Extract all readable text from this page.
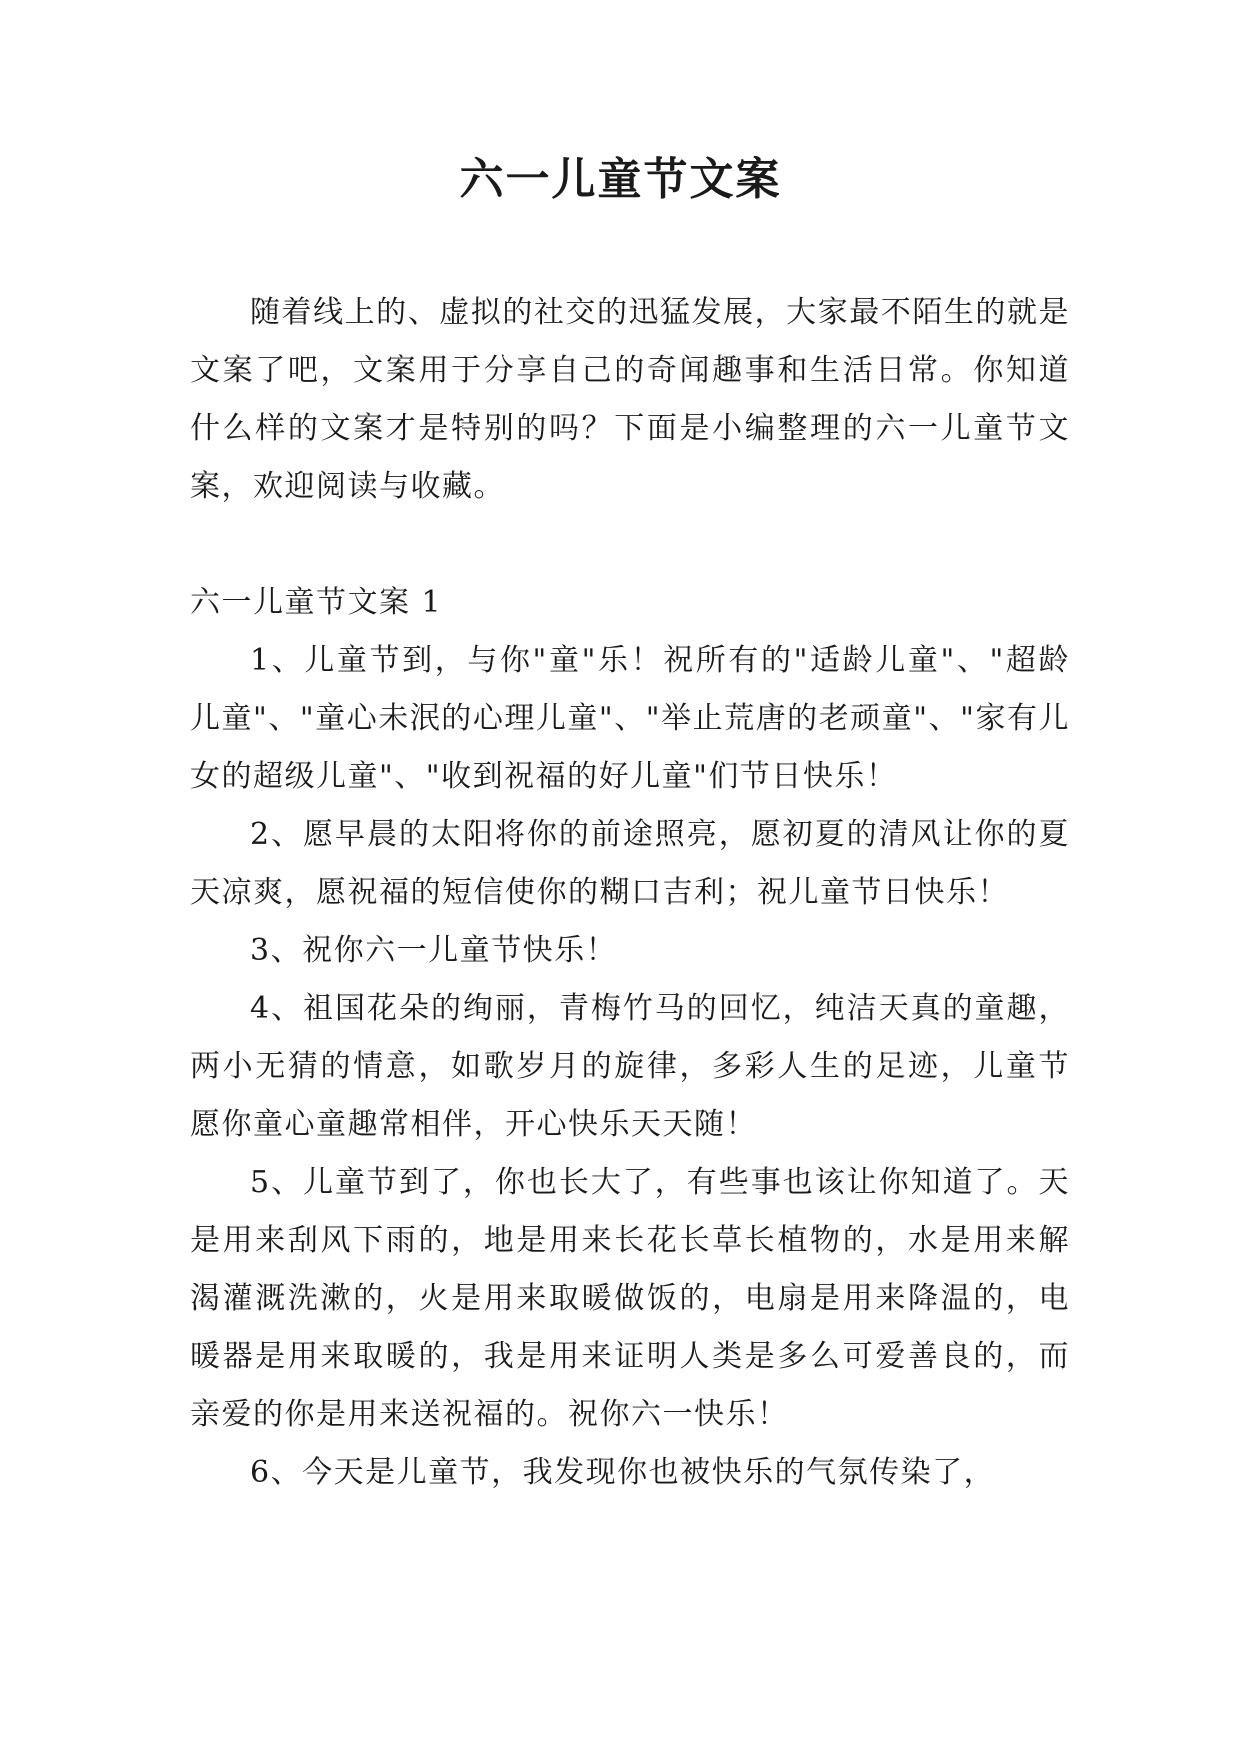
六一儿童节文案

随着线上的、虚拟的社交的迅猛发展，大家最不陌生的就是文案了吧，文案用于分享自己的奇闻趣事和生活日常。你知道什么样的文案才是特别的吗？下面是小编整理的六一儿童节文案，欢迎阅读与收藏。

六一儿童节文案 1

1、儿童节到，与你"童"乐！祝所有的"适龄儿童"、"超龄儿童"、"童心未泯的心理儿童"、"举止荒唐的老顽童"、"家有儿女的超级儿童"、"收到祝福的好儿童"们节日快乐！

2、愿早晨的太阳将你的前途照亮，愿初夏的清风让你的夏天凉爽，愿祝福的短信使你的糊口吉利；祝儿童节日快乐！

3、祝你六一儿童节快乐！

4、祖国花朵的绚丽，青梅竹马的回忆，纯洁天真的童趣，两小无猜的情意，如歌岁月的旋律，多彩人生的足迹，儿童节愿你童心童趣常相伴，开心快乐天天随！

5、儿童节到了，你也长大了，有些事也该让你知道了。天是用来刮风下雨的，地是用来长花长草长植物的，水是用来解渴灌溉洗漱的，火是用来取暖做饭的，电扇是用来降温的，电暖器是用来取暖的，我是用来证明人类是多么可爱善良的，而亲爱的你是用来送祝福的。祝你六一快乐！

6、今天是儿童节，我发现你也被快乐的气氛传染了，
